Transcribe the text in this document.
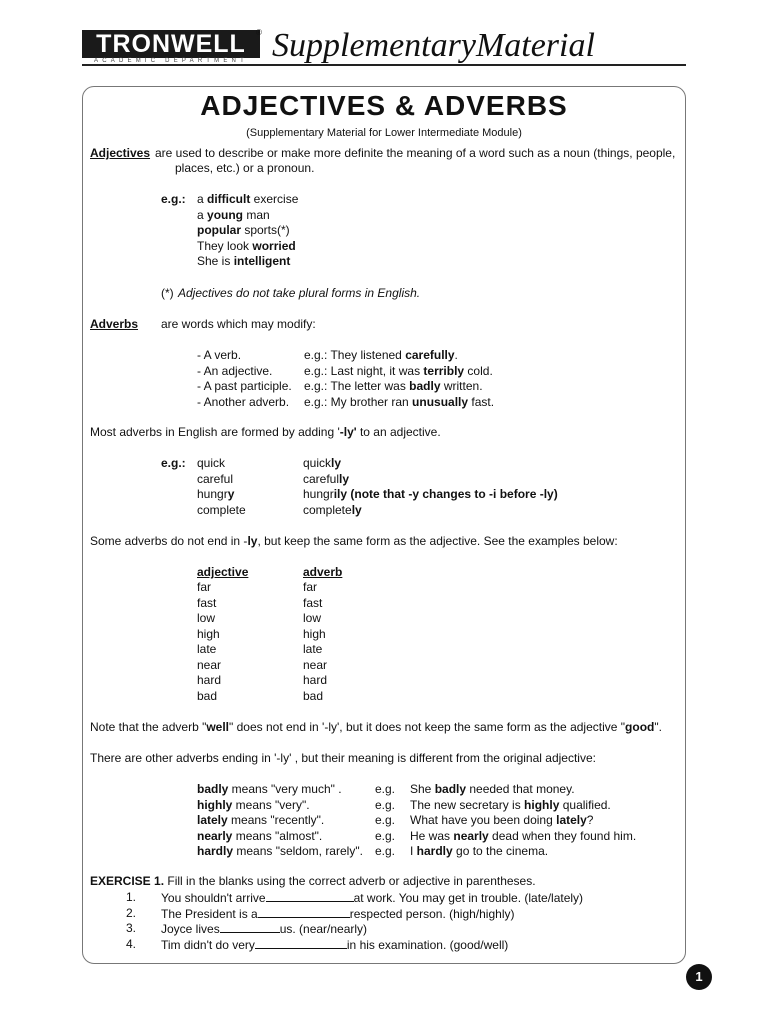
TRONWELL	®
ACADEMIC DEPARTMENT SupplementaryMaterial
ADJECTIVES & ADVERBS
(Supplementary Material for Lower Intermediate Module)
Adjectives are used to describe or make more definite the meaning of a word such as a noun (things, people,
places, etc.) or a pronoun.
e.g.: a difficult exercise
a young man
popular sports(*)
They look worried
She is intelligent
(*) Adjectives do not take plural forms in English.
Adverbs are words which may modify:
- A verb.	e.g.: They listened carefully.
- An adjective.	e.g.: Last night, it was terribly cold.
- A past participle. e.g.: The letter was badly written.
- Another adverb. e.g.: My brother ran unusually fast.
Most adverbs in English are formed by adding '-ly' to an adjective.
e.g.: quick	quickly
careful	carefully
hungry	hungrily (note that -y changes to -i before -ly)
complete	completely
Some adverbs do not end in -ly, but keep the same form as the adjective. See the examples below:
adjective	adverb
far	far
fast	fast
low	low
high	high
late	late
near	near
hard	hard
bad	bad
Note that the adverb "well" does not end in '-ly', but it does not keep the same form as the adjective "good".
There are other adverbs ending in '-ly' , but their meaning is different from the original adjective:
badly means "very much" .	e.g. She badly needed that money.
highly means "very".	e.g. The new secretary is highly qualified.
lately means "recently".	e.g. What have you been doing lately?
nearly means "almost".	e.g. He was nearly dead when they found him.
hardly means "seldom, rarely". e.g. I hardly go to the cinema.
EXERCISE 1. Fill in the blanks using the correct adverb or adjective in parentheses.
1. You shouldn't arrive	at work. You may get in trouble. (late/lately)
2. The President is a	respected person. (high/highly)
3. Joyce lives	us. (near/nearly)
4. Tim didn't do very	in his examination. (good/well)
1
